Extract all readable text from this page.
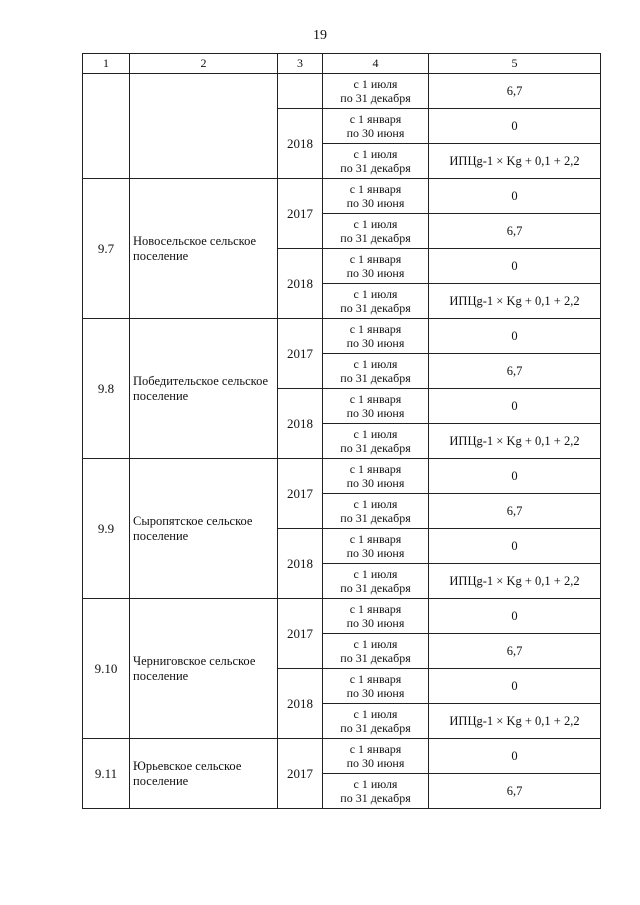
19
1	2	3	4	5

			с 1 июля
по 31 декабря	6,7
		2018	с 1 января
по 30 июня	0

			с 1 июля
по 31 декабря	ИПЦg-1 × Kg + 0,1 + 2,2
9.7	Новосельское сельское поселение	2017	с 1 января
по 30 июня	0

			с 1 июля
по 31 декабря	6,7
		2018	с 1 января
по 30 июня	0

			с 1 июля
по 31 декабря	ИПЦg-1 × Kg + 0,1 + 2,2
9.8	Победительское сельское поселение	2017	с 1 января
по 30 июня	0

			с 1 июля
по 31 декабря	6,7
		2018	с 1 января
по 30 июня	0

			с 1 июля
по 31 декабря	ИПЦg-1 × Kg + 0,1 + 2,2
9.9	Сыропятское сельское поселение	2017	с 1 января
по 30 июня	0

			с 1 июля
по 31 декабря	6,7
		2018	с 1 января
по 30 июня	0

			с 1 июля
по 31 декабря	ИПЦg-1 × Kg + 0,1 + 2,2
9.10	Черниговское сельское поселение	2017	с 1 января
по 30 июня	0

			с 1 июля
по 31 декабря	6,7
		2018	с 1 января
по 30 июня	0

			с 1 июля
по 31 декабря	ИПЦg-1 × Kg + 0,1 + 2,2
9.11	Юрьевское сельское поселение	2017	с 1 января
по 30 июня	0

			с 1 июля
по 31 декабря	6,7
